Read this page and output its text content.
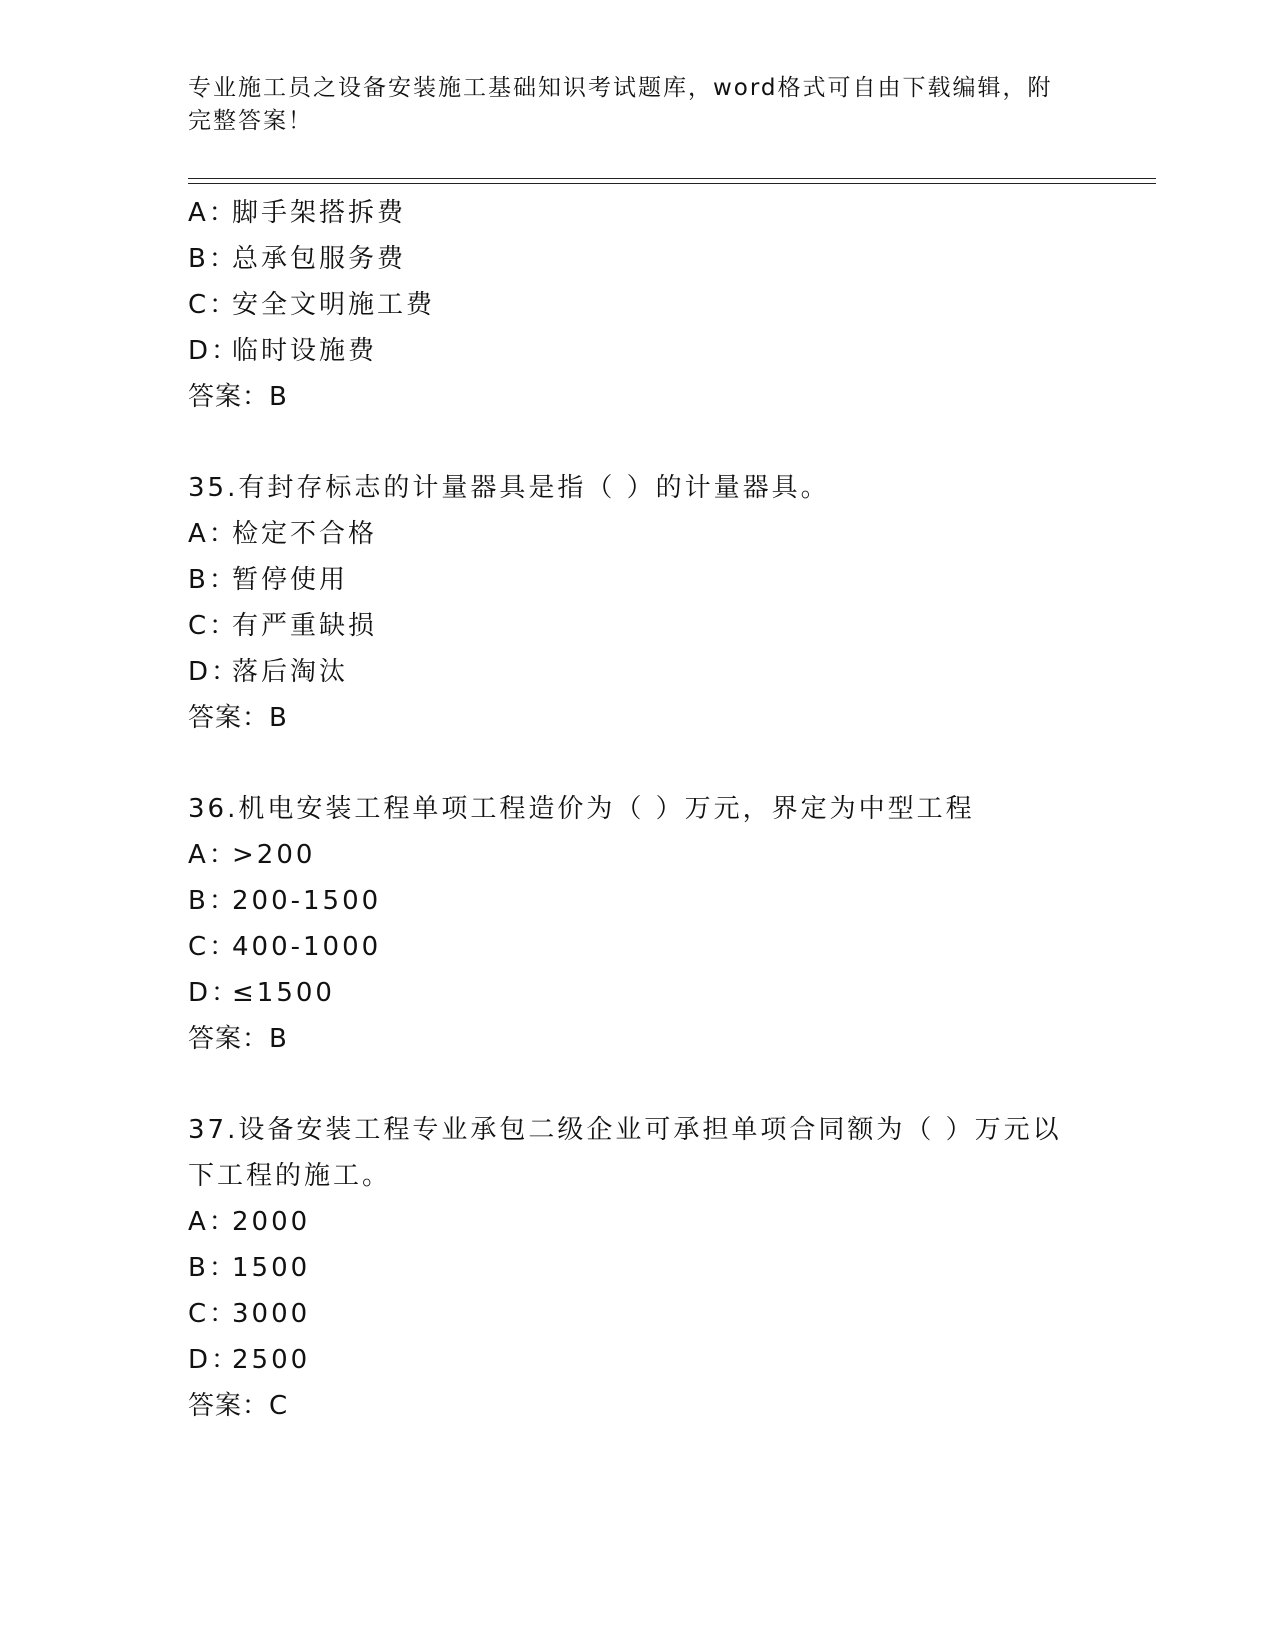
专业施工员之设备安装施工基础知识考试题库，word格式可自由下载编辑，附完整答案！
A：脚手架搭拆费
B：总承包服务费
C：安全文明施工费
D：临时设施费
答案：B
35.有封存标志的计量器具是指（ ）的计量器具。
A：检定不合格
B：暂停使用
C：有严重缺损
D：落后淘汰
答案：B
36.机电安装工程单项工程造价为（ ）万元，界定为中型工程
A：>200
B：200-1500
C：400-1000
D：≤1500
答案：B
37.设备安装工程专业承包二级企业可承担单项合同额为（ ）万元以下工程的施工。
A：2000
B：1500
C：3000
D：2500
答案：C
